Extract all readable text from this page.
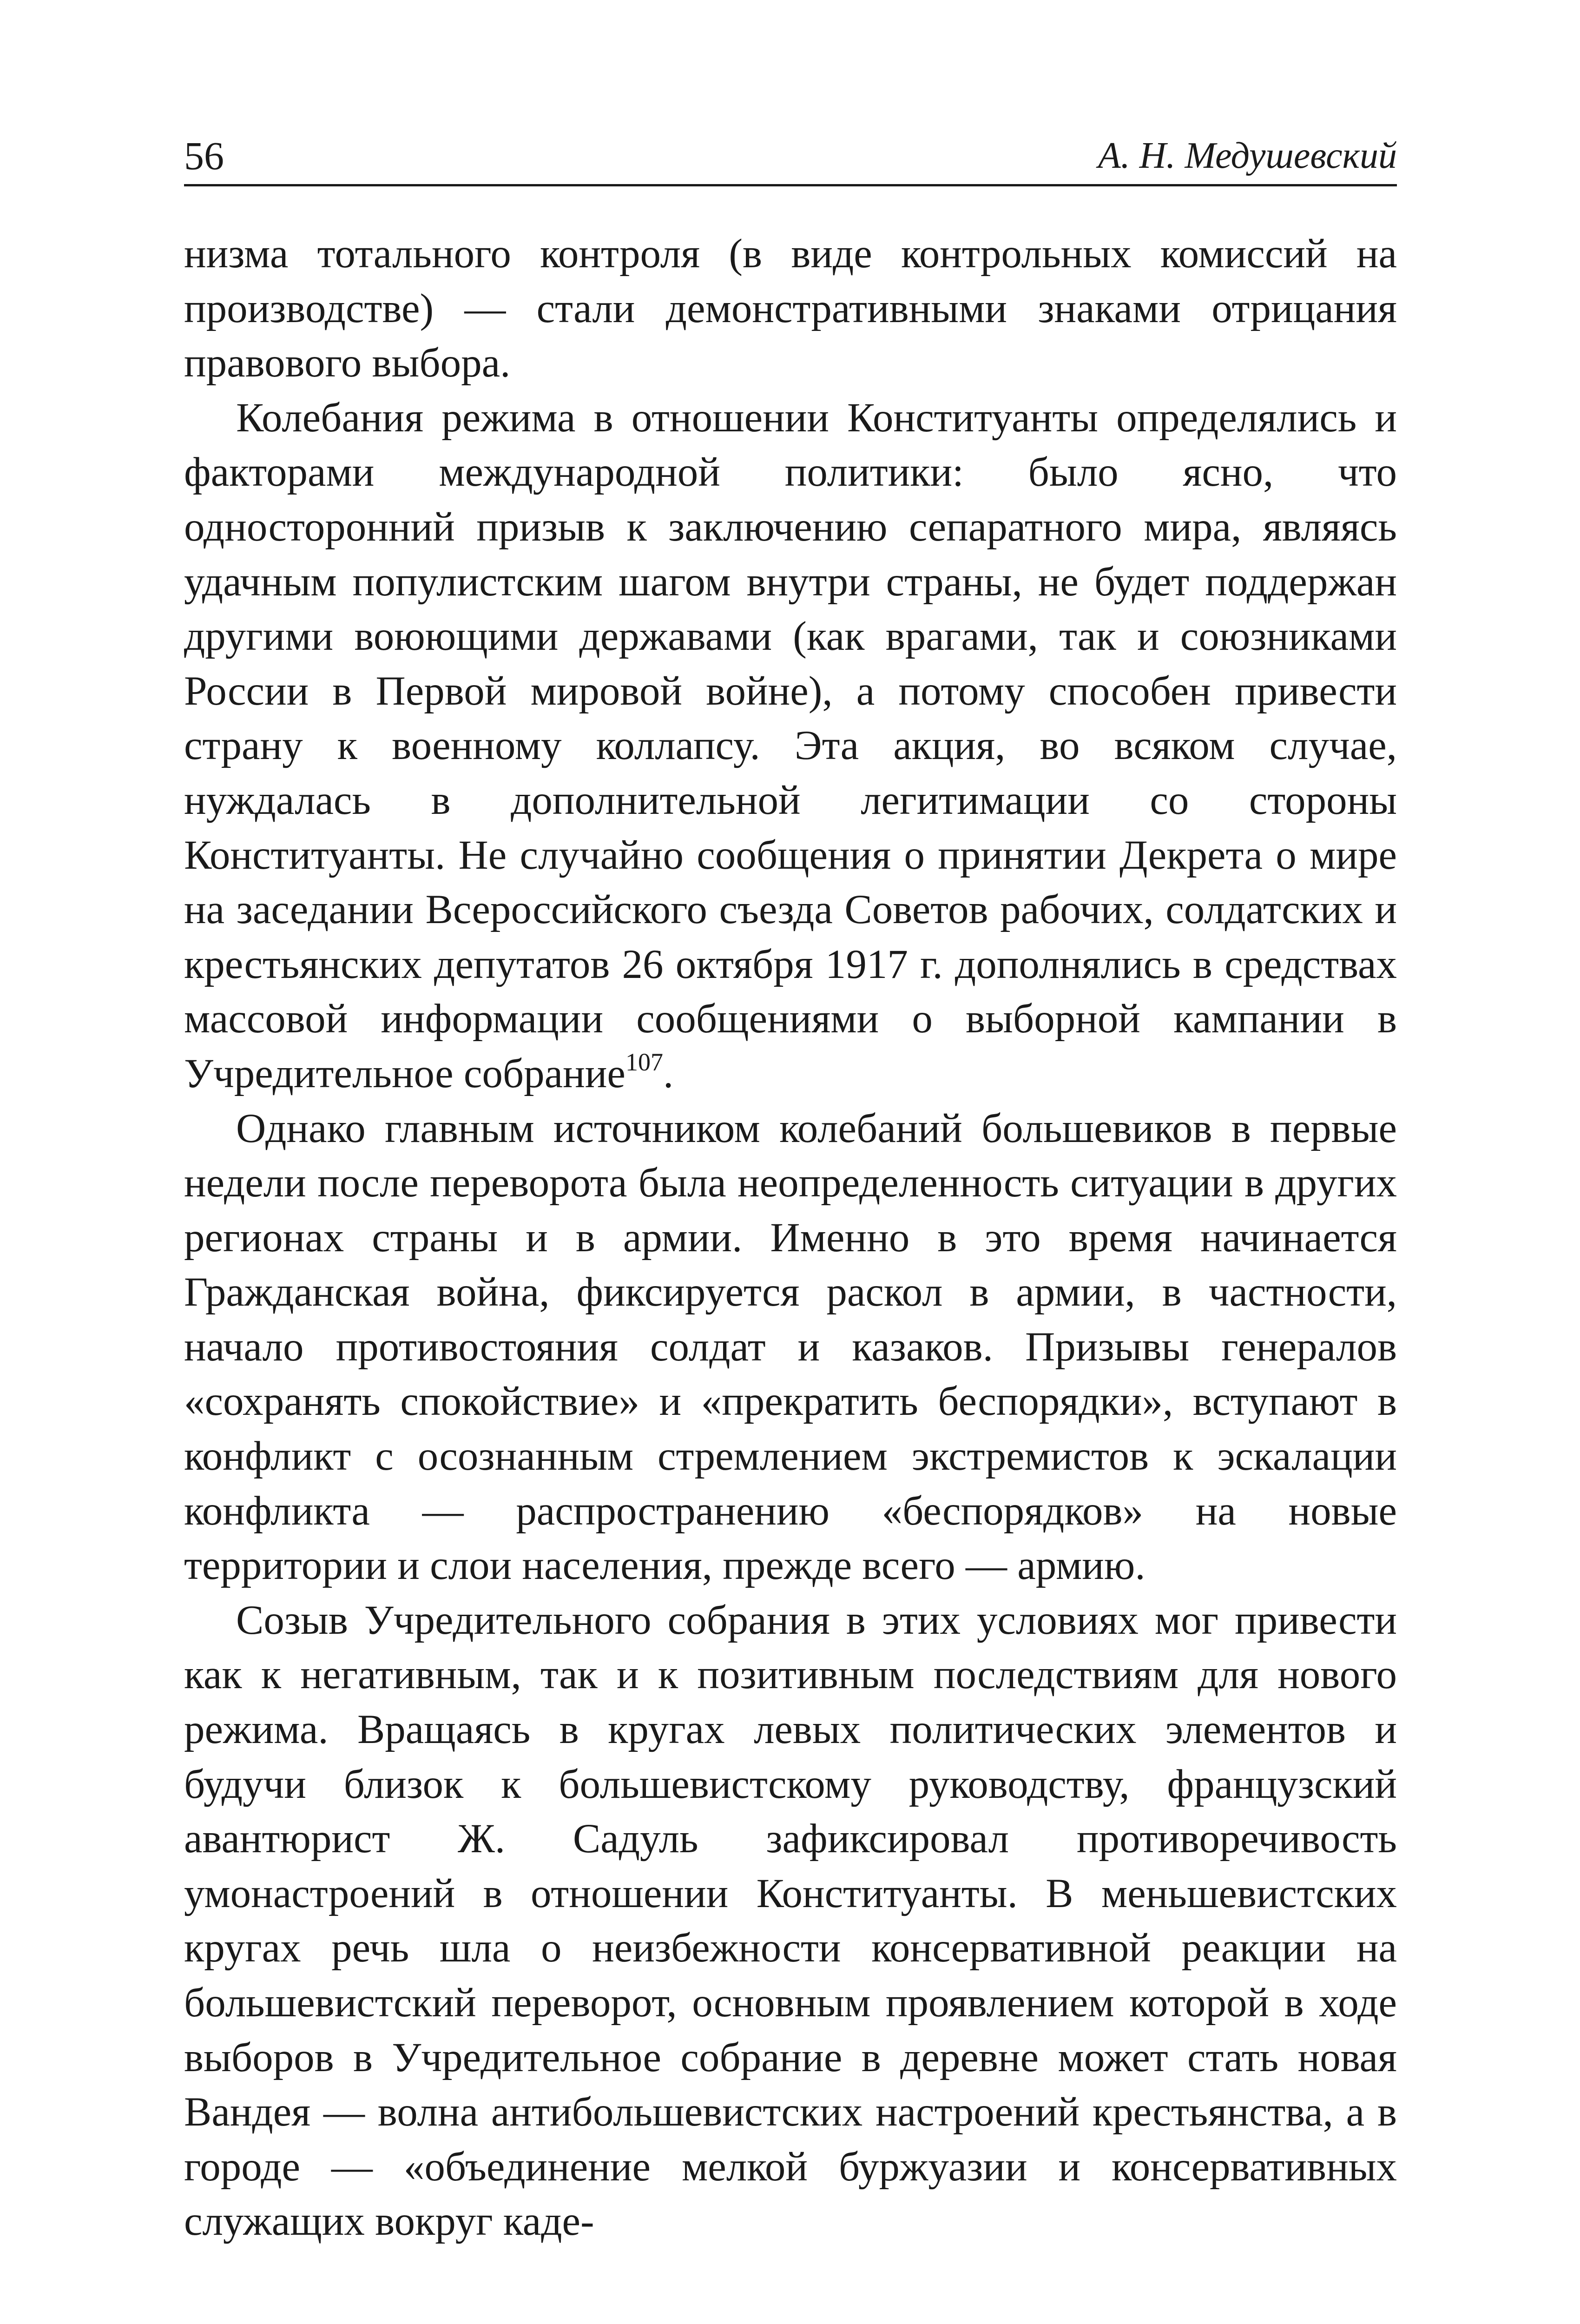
56	А. Н. Медушевский

низма тотального контроля (в виде контрольных комиссий на производстве) — стали демонстративными знаками отрицания правового выбора.

Колебания режима в отношении Конституанты определялись и факторами международной политики: было ясно, что односторонний призыв к заключению сепаратного мира, являясь удачным популистским шагом внутри страны, не будет поддержан другими воюющими державами (как врагами, так и союзниками России в Первой мировой войне), а потому способен привести страну к военному коллапсу. Эта акция, во всяком случае, нуждалась в дополнительной легитимации со стороны Конституанты. Не случайно сообщения о принятии Декрета о мире на заседании Всероссийского съезда Советов рабочих, солдатских и крестьянских депутатов 26 октября 1917 г. дополнялись в средствах массовой информации сообщениями о выборной кампании в Учредительное собрание$^{107}$.

Однако главным источником колебаний большевиков в первые недели после переворота была неопределенность ситуации в других регионах страны и в армии. Именно в это время начинается Гражданская война, фиксируется раскол в армии, в частности, начало противостояния солдат и казаков. Призывы генералов «сохранять спокойствие» и «прекратить беспорядки», вступают в конфликт с осознанным стремлением экстремистов к эскалации конфликта — распространению «беспорядков» на новые территории и слои населения, прежде всего — армию.

Созыв Учредительного собрания в этих условиях мог привести как к негативным, так и к позитивным последствиям для нового режима. Вращаясь в кругах левых политических элементов и будучи близок к большевистскому руководству, французский авантюрист Ж. Садуль зафиксировал противоречивость умонастроений в отношении Конституанты. В меньшевистских кругах речь шла о неизбежности консервативной реакции на большевистский переворот, основным проявлением которой в ходе выборов в Учредительное собрание в деревне может стать новая Вандея — волна антибольшевистских настроений крестьянства, а в городе — «объединение мелкой буржуазии и консервативных служащих вокруг каде-
